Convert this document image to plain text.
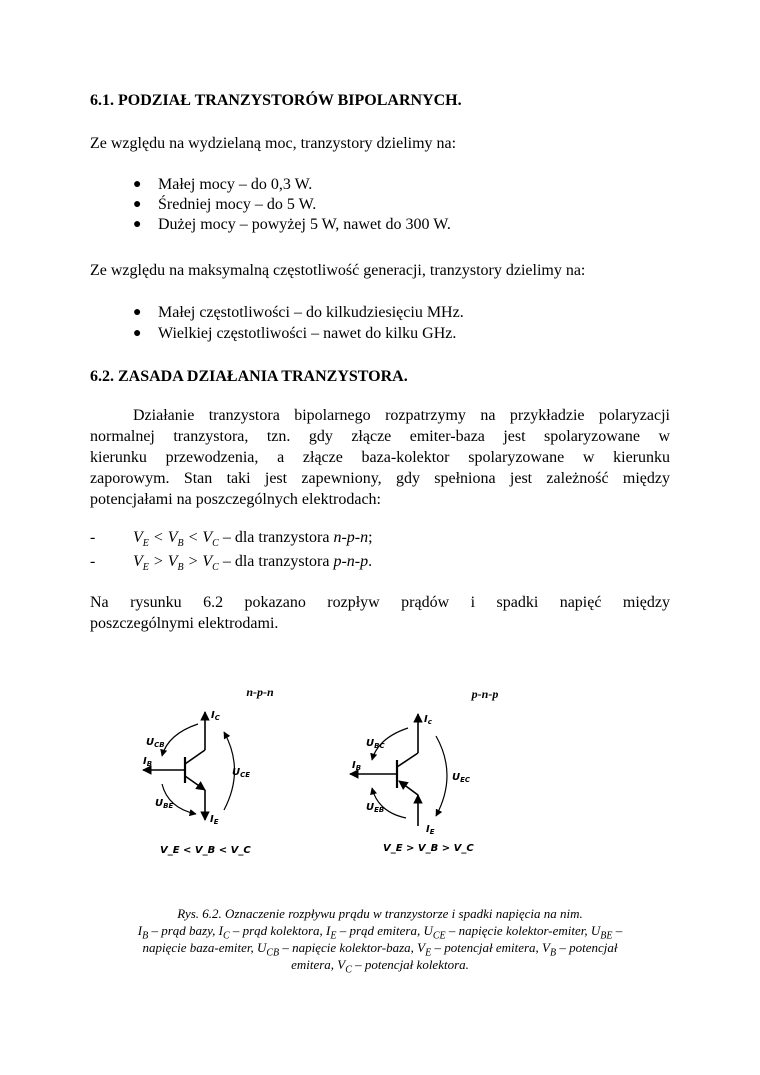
6.1. PODZIAŁ TRANZYSTORÓW BIPOLARNYCH.
Ze względu na wydzielaną moc, tranzystory dzielimy na:
● Małej mocy – do 0,3 W.
● Średniej mocy – do 5 W.
● Dużej mocy – powyżej 5 W, nawet do 300 W.
Ze względu na maksymalną częstotliwość generacji, tranzystory dzielimy na:
● Małej częstotliwości – do kilkudziesięciu MHz.
● Wielkiej częstotliwości – nawet do kilku GHz.
6.2. ZASADA DZIAŁANIA TRANZYSTORA.
Działanie tranzystora bipolarnego rozpatrzymy na przykładzie polaryzacji
normalnej tranzystora, tzn. gdy złącze emiter-baza jest spolaryzowane w
kierunku przewodzenia, a złącze baza-kolektor spolaryzowane w kierunku
zaporowym. Stan taki jest zapewniony, gdy spełniona jest zależność między
potencjałami na poszczególnych elektrodach:
- $V_E < V_B < V_C$ – dla tranzystora n-p-n;
- $V_E > V_B > V_C$ – dla tranzystora p-n-p.
Na rysunku 6.2 pokazano rozpływ prądów i spadki napięć między
poszczególnymi elektrodami.
n-p-n	p-n-p
$U_{CB}$
$I_B$
$I_C$
$U_{CE}$
$U_{BE}$
$I_E$
V_E < V_B < V_C
$U_{BC}$
$I_B$
$I_c$
$U_{EC}$
$U_{EB}$
$I_E$
V_E > V_B > V_C
Rys. 6.2. Oznaczenie rozpływu prądu w tranzystorze i spadki napięcia na nim.
$I_B$ – prąd bazy, $I_C$ – prąd kolektora, $I_E$ – prąd emitera, $U_{CE}$ – napięcie kolektor-emiter, $U_{BE}$ –
napięcie baza-emiter, $U_{CB}$ – napięcie kolektor-baza, $V_E$ – potencjał emitera, $V_B$ – potencjał
emitera, $V_C$ – potencjał kolektora.
